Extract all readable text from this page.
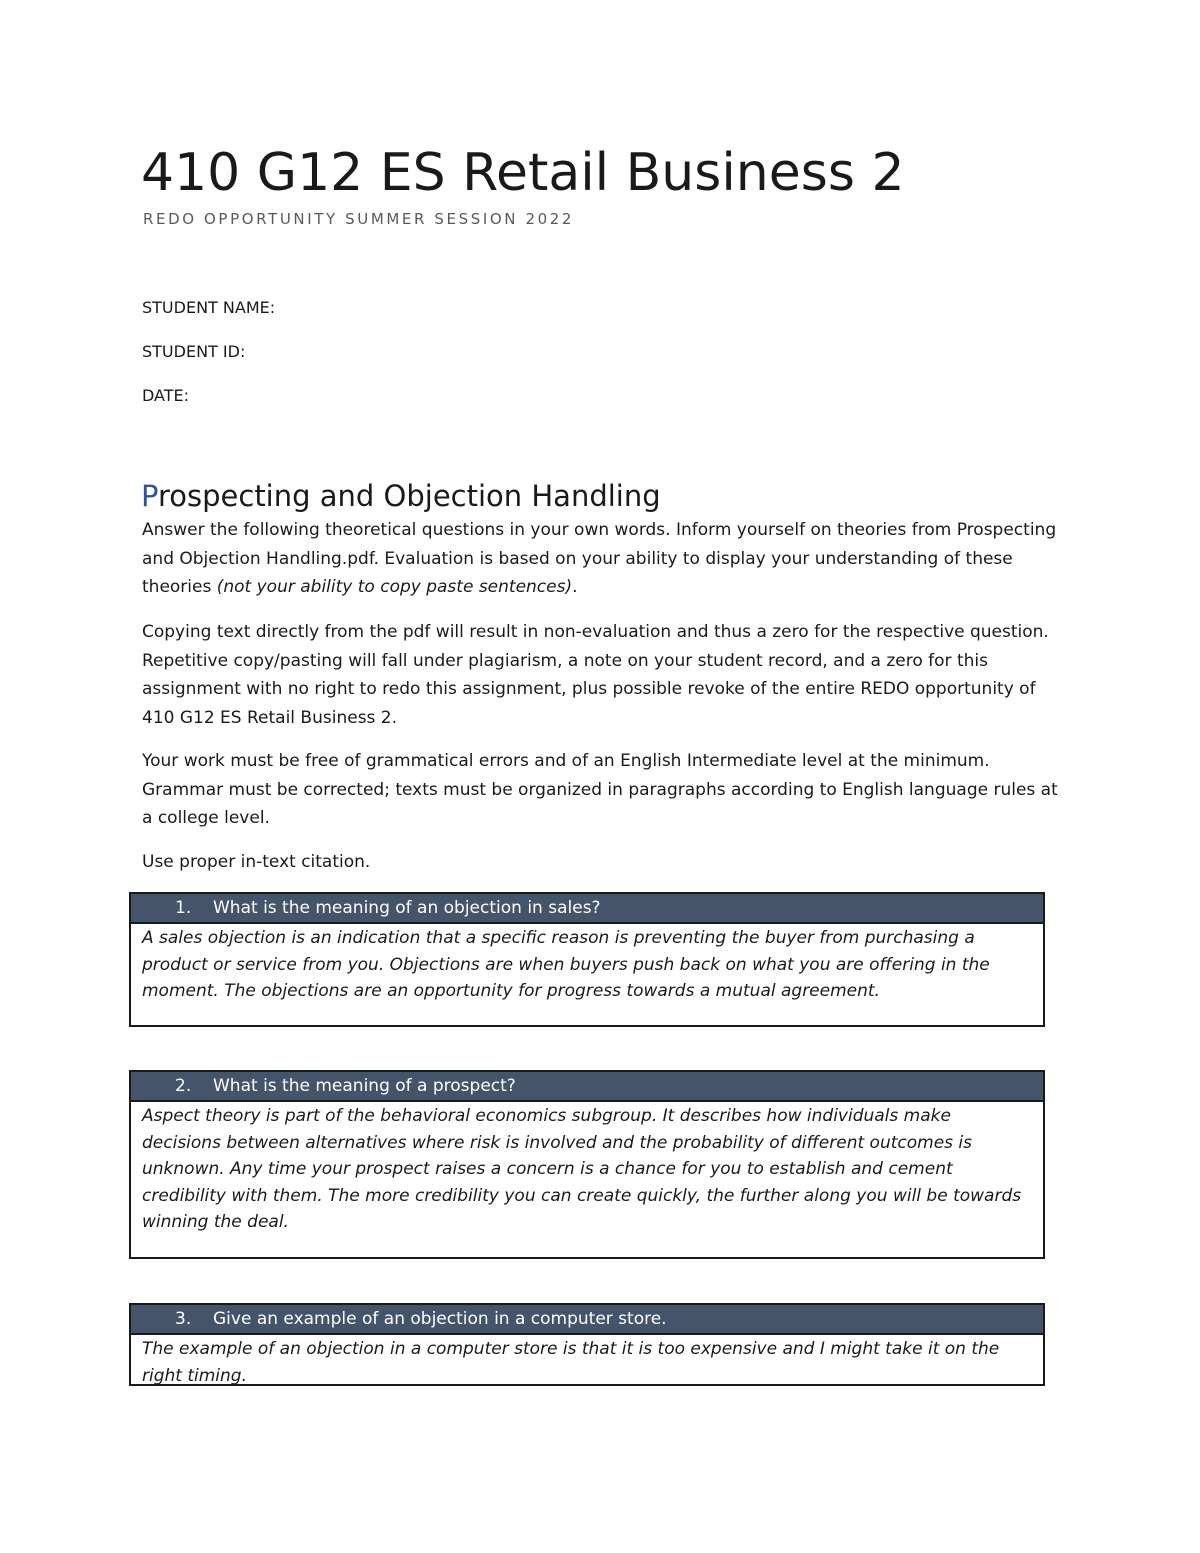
410 G12 ES Retail Business 2

REDO OPPORTUNITY SUMMER SESSION 2022

STUDENT NAME:

STUDENT ID:

DATE:

Prospecting and Objection Handling

Answer the following theoretical questions in your own words. Inform yourself on theories from Prospecting and Objection Handling.pdf. Evaluation is based on your ability to display your understanding of these theories (not your ability to copy paste sentences).

Copying text directly from the pdf will result in non-evaluation and thus a zero for the respective question. Repetitive copy/pasting will fall under plagiarism, a note on your student record, and a zero for this assignment with no right to redo this assignment, plus possible revoke of the entire REDO opportunity of 410 G12 ES Retail Business 2.

Your work must be free of grammatical errors and of an English Intermediate level at the minimum. Grammar must be corrected; texts must be organized in paragraphs according to English language rules at a college level.

Use proper in-text citation.

1. What is the meaning of an objection in sales?
A sales objection is an indication that a specific reason is preventing the buyer from purchasing a product or service from you. Objections are when buyers push back on what you are offering in the moment. The objections are an opportunity for progress towards a mutual agreement.
2. What is the meaning of a prospect?
Aspect theory is part of the behavioral economics subgroup. It describes how individuals make decisions between alternatives where risk is involved and the probability of different outcomes is unknown. Any time your prospect raises a concern is a chance for you to establish and cement credibility with them. The more credibility you can create quickly, the further along you will be towards winning the deal.
3. Give an example of an objection in a computer store.
The example of an objection in a computer store is that it is too expensive and I might take it on the right timing.
